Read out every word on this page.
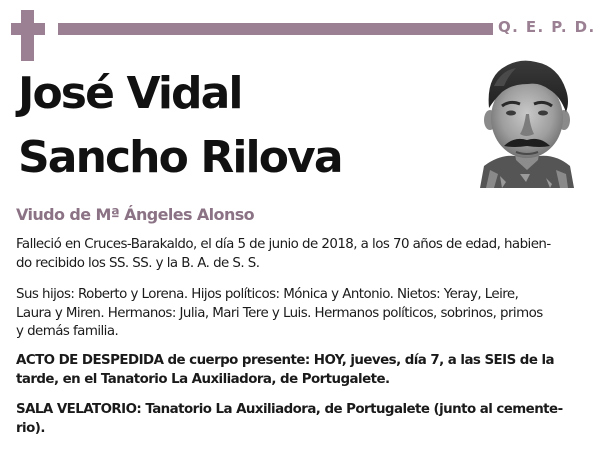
Q. E. P. D.
José Vidal
Sancho Rilova
Viudo de Mª Ángeles Alonso
Falleció en Cruces-Barakaldo, el día 5 de junio de 2018, a los 70 años de edad, habien-
do recibido los SS. SS. y la B. A. de S. S.
Sus hijos: Roberto y Lorena. Hijos políticos: Mónica y Antonio. Nietos: Yeray, Leire,
Laura y Miren. Hermanos: Julia, Mari Tere y Luis. Hermanos políticos, sobrinos, primos
y demás familia.
ACTO DE DESPEDIDA de cuerpo presente: HOY, jueves, día 7, a las SEIS de la
tarde, en el Tanatorio La Auxiliadora, de Portugalete.
SALA VELATORIO: Tanatorio La Auxiliadora, de Portugalete (junto al cemente-
rio).
